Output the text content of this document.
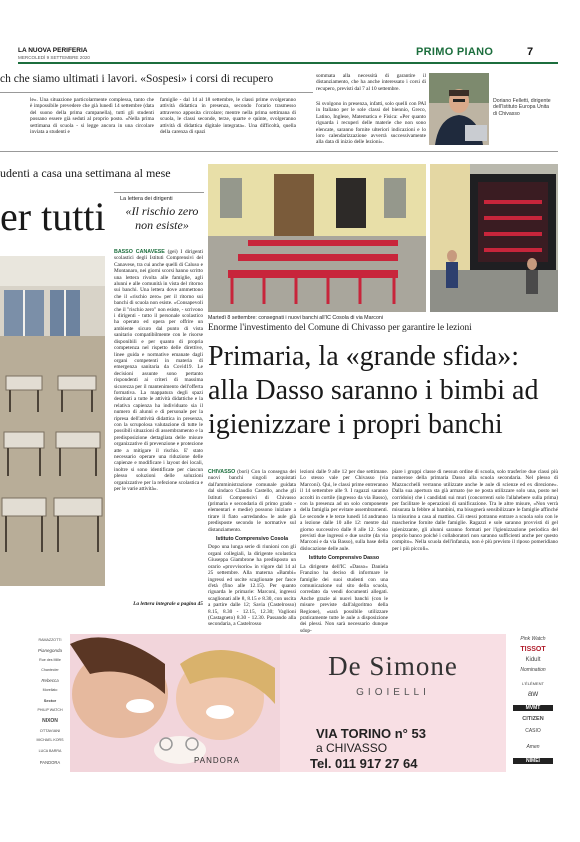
LA NUOVA PERIFERIA
MERCOLEDÌ 9 SETTEMBRE 2020	PRIMO PIANO	7
ch che siamo ultimati i lavori. «Sospesi» i corsi di recupero
le». Una situazione particolarmente complessa, tanto che è impossibile prevedere che già lunedì 14 settembre (data del suono della prima campanella), tutti gli studenti possano essere già seduti al proprio posto. «Nella prima settimana di scuola - si legge ancora in una circolare inviata a studenti e
famiglie - dal 14 al 18 settembre, le classi prime svolgeranno attività didattica in presenza, secondo l'orario trasmesso attraverso apposita circolare; mentre nella prima settimana di scuola, le classi seconde, terze, quarte e quinte, svolgeranno attività di didattica digitale integrata». Una difficoltà, quella della carenza di spazi
sommata alla necessità di garantire il distanziamento, che ha anche interessato i corsi di recupero, previsti dal 7 al 10 settembre.
Si svolgono in presenza, infatti, solo quelli con PAI in Italiano per le sole classi del biennio, Greco, Latino, Inglese, Matematica e Fisica: «Per quanto riguarda i recuperi delle materie che non sono elencate, saranno fornite ulteriori indicazioni e lo loro calendarizzazione avverrà successivamente alla data di inizio delle lezioni».
Doriano Felletti, dirigente dell'Istituto Europa Unita di Chivasso
udenti a casa una settimana al mese
er tutti	La lettera dei dirigenti
«Il rischio zero non esiste»
BASSO CANAVESE (gei) I dirigenti scolastici degli Istituti Comprensivi del Canavese, tra cui anche quelli di Caluso e Montanaro, nei giorni scorsi hanno scritto una lettera rivolta alle famiglie, agli alunni e alle comunità in vista del ritorno sui banchi. Una lettera dove ammettono che il «rischio zero» per il ritorno sui banchi di scuola non esiste. «Consapevoli che il "rischio zero" non esiste, - scrivono i dirigenti - tutto il personale scolastico ha operato ed opera per offrire un ambiente sicuro dal punto di vista sanitario compatibilmente con le risorse disponibili e per quanto di propria competenza nel rispetto delle direttive, linee guida e normative emanate dagli organi competenti in materia di emergenza sanitaria da Covid19. Le decisioni assunte sono pertanto rispondenti ai criteri di massima sicurezza per il mantenimento dell'offerta formativa. La mappatura degli spazi destinati a tutte le attività didattiche e la relativa capienza ha individuato sia il numero di alunni e di personale per la ripresa dell'attività didattica in presenza, con la scrupolosa valutazione di tutte le possibili situazioni di assembramento e la predisposizione dettagliata delle misure organizzative di prevenzione e protezione atte a mitigare il rischio. E' stato necessario operare una riduzione delle capienze e modificare i layout dei locali, inoltre si sono identificate per ciascun plesso soluzioni delle soluzioni organizzative per la refezione scolastica e per le varie attività».
La lettera integrale a pagina 45
Martedì 8 settembre: consegnati i nuovi banchi all'IC Cosola di via Marconi
Enorme l'investimento del Comune di Chivasso per garantire le lezioni
Primaria, la «grande sfida»: alla Dasso saranno i bimbi ad igienizzare i propri banchi
CHIVASSO (bori) Con la consegna dei nuovi banchi singoli acquistati dall'amministrazione comunale guidata dal sindaco Claudio Castello, anche gli Istituti Comprensivi di Chivasso (primaria e secondaria di primo grado - elementari e medie) possono iniziare a tirare il fiato «arredando» le aule già predisposte secondo le normative sul distanziamento.
Istituto Comprensivo Cosola
Dopo una lunga serie di riunioni con gli organi collegiali, la dirigente scolastica Giuseppa Giambrone ha predisposto un orario «provvisorio» in vigore dal 14 al 25 settembre. Alla materna «Bambi» ingressi ed uscite scaglionate per fasce d'età (fino alle 12.15). Per quanto riguarda le primarie: Marconi, ingressi scaglionati alle 8, 8.15 e 8.30, con uscita a partire dalle 12; Savia (Castelrosso) 8.15, 8.30 - 12.15, 12.30; Vaglioni (Castagneto) 8.30 - 12.30. Passando alla secondaria, a Castelrosso
lezioni dalle 9 alle 12 per due settimane. Lo stesso vale per Chivasso (via Marconi). Qui, le classi prime entreranno il 14 settembre alle 9. I ragazzi saranno accolti in cortile (ingresso da via Basso), con la presenza ad un solo componente della famiglia per evitare assembramenti. Le seconde e le terze lunedì 14 andranno a lezione dalle 10 alle 12: mentre dal giorno successivo dalle 8 alle 12. Sono previsti due ingressi e due uscite (da via Marconi e da via Basso), sulla base della dislocazione delle aule.
Istituto Comprensivo Dasso
La dirigente dell'IC «Dasso» Daniela Franzino ha deciso di informare le famiglie dei suoi studenti con una comunicazione sul sito della scuola, corredato da vendi documenti allegati. Anche grazie ai nuovi banchi (con le misure previste dall'algoritmo della Regione), «sarà possibile utilizzare praticamente tutte le aule a disposizione dei plessi. Non sarà necessario dunque sdop-
piare i gruppi classe di nessun ordine di scuola, solo trasferire due classi più numerose della primaria Dasso alla scuola secondaria. Nel plesso di Mazzucchelli verranno utilizzate anche le aule di scienze ed ex direzione». Dalla sua apertura sta già armato (se ne posta utilizzare solo una, posto nel corridoio) che i candidati sui muri (concorrenti solo l'allahebere sulla prima) per facilitare le operazioni di sanificazione. Tra le altre misure, «Non verrà misurata la febbre ai bambini, ma bisognerà sensibilizzare le famiglie affinché la misurino a casa al mattino. Gli stessi potranno entrare a scuola solo con le mascherine fornite dalle famiglie. Ragazzi e sole saranno provvisti di gel igienizzante, gli alunni saranno formati per l'igienizzazione periodica del proprio banco poiché i collaboratori non saranno sufficienti anche per questo compito». Nella scuola dell'infanzia, non è più previsto il riposo pomeridiano per i più piccoli».
RAMAZZOTTI
Pianegonda
Rue des Mille
Chantecler
Rebecca
Morellato
Sector
PHILIP WATCH
NIXON
OTTAVIANI
MICHAEL KORS
LUCA BARRA
PANDORA	PANDORA
De Simone
GIOIELLI
VIA TORINO n° 53
a CHIVASSO
Tel. 011 917 27 64
Pink Watch
TISSOT
Kidult
Nomination
L'ÉLÉMENT
aw
MVMT
CITIZEN
CASIO
Amen
NIMEI
